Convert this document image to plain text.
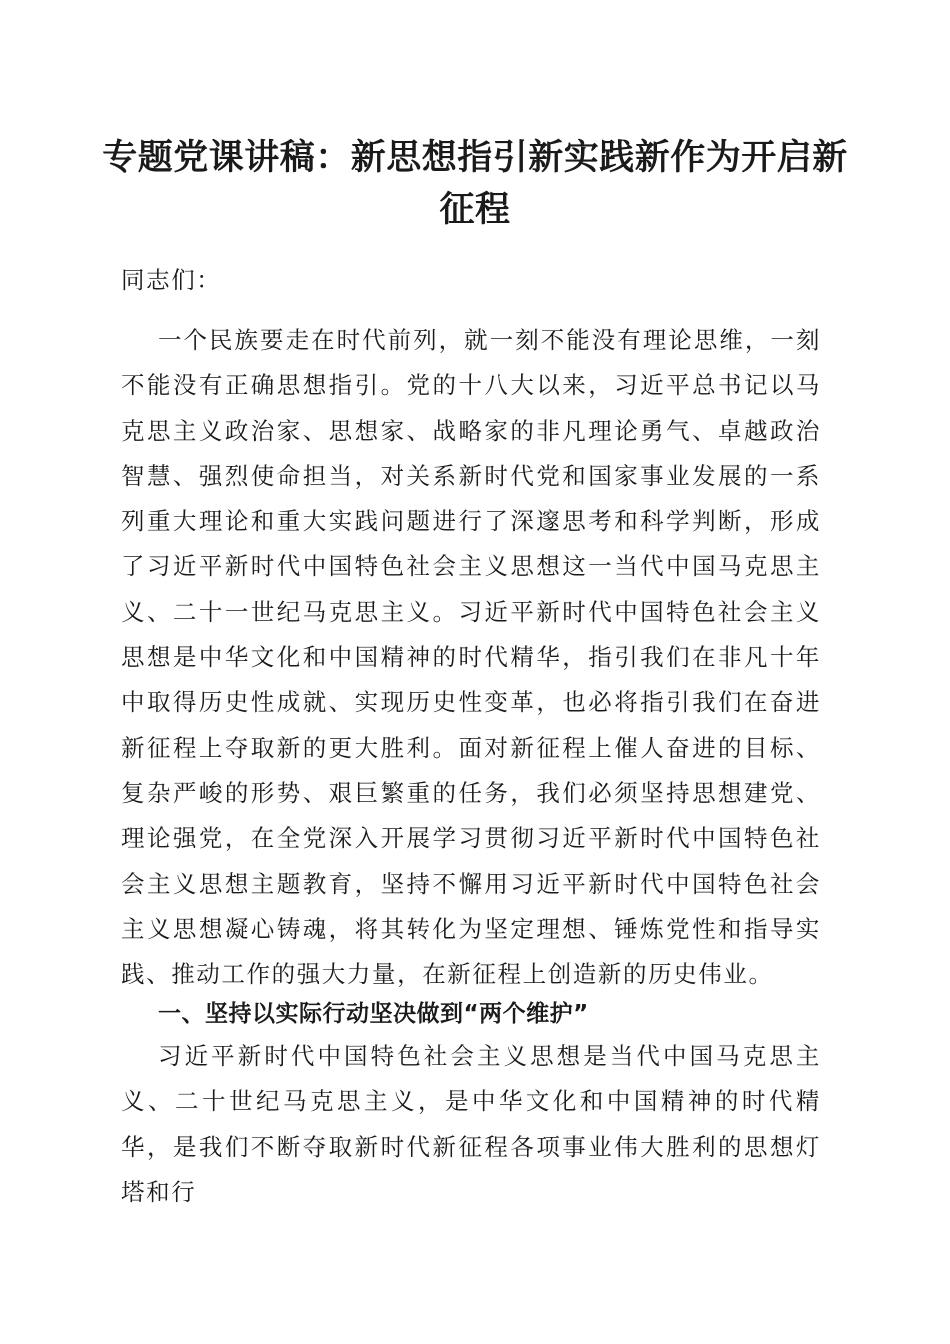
专题党课讲稿：新思想指引新实践新作为开启新征程

同志们：

一个民族要走在时代前列，就一刻不能没有理论思维，一刻不能没有正确思想指引。党的十八大以来，习近平总书记以马克思主义政治家、思想家、战略家的非凡理论勇气、卓越政治智慧、强烈使命担当，对关系新时代党和国家事业发展的一系列重大理论和重大实践问题进行了深邃思考和科学判断，形成了习近平新时代中国特色社会主义思想这一当代中国马克思主义、二十一世纪马克思主义。习近平新时代中国特色社会主义思想是中华文化和中国精神的时代精华，指引我们在非凡十年中取得历史性成就、实现历史性变革，也必将指引我们在奋进新征程上夺取新的更大胜利。面对新征程上催人奋进的目标、复杂严峻的形势、艰巨繁重的任务，我们必须坚持思想建党、理论强党，在全党深入开展学习贯彻习近平新时代中国特色社会主义思想主题教育，坚持不懈用习近平新时代中国特色社会主义思想凝心铸魂，将其转化为坚定理想、锤炼党性和指导实践、推动工作的强大力量，在新征程上创造新的历史伟业。

一、坚持以实际行动坚决做到“两个维护”

习近平新时代中国特色社会主义思想是当代中国马克思主义、二十世纪马克思主义，是中华文化和中国精神的时代精华，是我们不断夺取新时代新征程各项事业伟大胜利的思想灯塔和行
